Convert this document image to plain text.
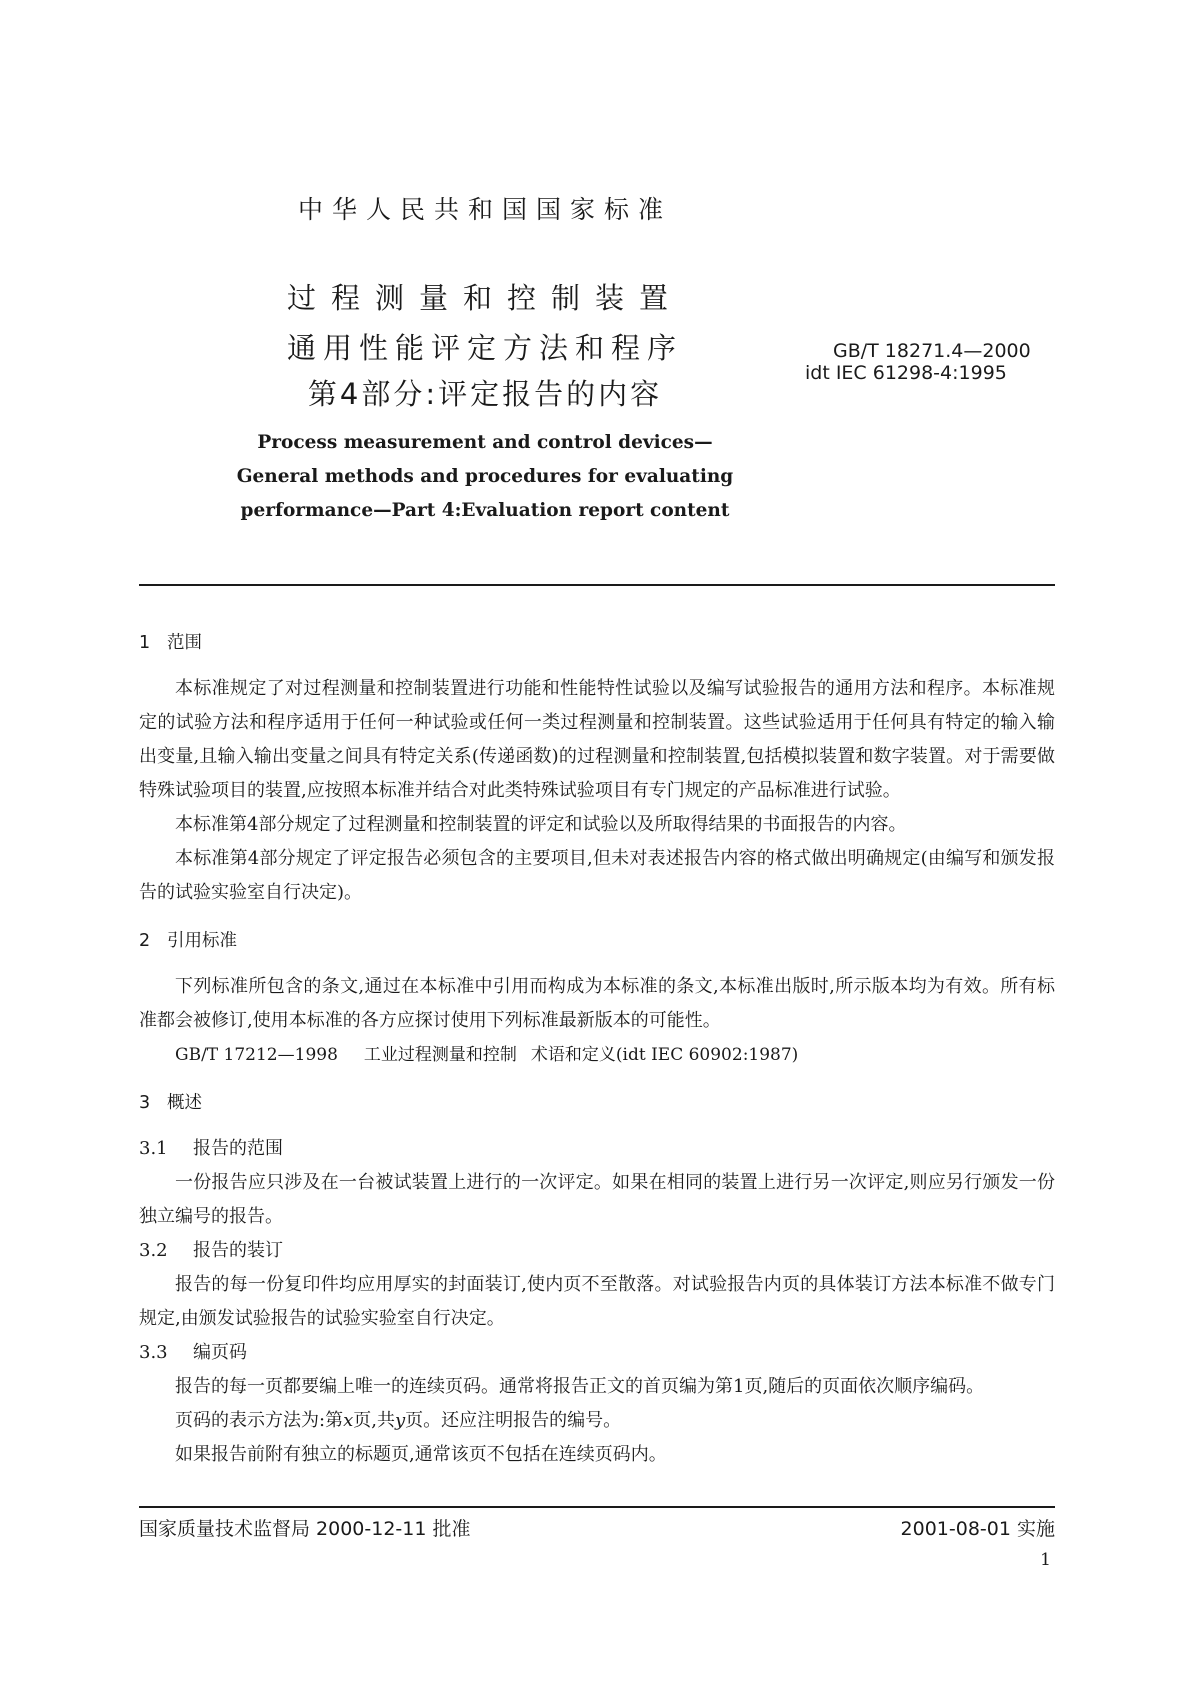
中华人民共和国国家标准
过程测量和控制装置
通用性能评定方法和程序
第4部分:评定报告的内容
GB/T 18271.4—2000
idt IEC 61298-4:1995
Process measurement and control devices—
General methods and procedures for evaluating
performance—Part 4:Evaluation report content
1 范围

本标准规定了对过程测量和控制装置进行功能和性能特性试验以及编写试验报告的通用方法和程序。本标准规定的试验方法和程序适用于任何一种试验或任何一类过程测量和控制装置。这些试验适用于任何具有特定的输入输出变量,且输入输出变量之间具有特定关系(传递函数)的过程测量和控制装置,包括模拟装置和数字装置。对于需要做特殊试验项目的装置,应按照本标准并结合对此类特殊试验项目有专门规定的产品标准进行试验。

本标准第4部分规定了过程测量和控制装置的评定和试验以及所取得结果的书面报告的内容。

本标准第4部分规定了评定报告必须包含的主要项目,但未对表述报告内容的格式做出明确规定(由编写和颁发报告的试验实验室自行决定)。

2 引用标准

下列标准所包含的条文,通过在本标准中引用而构成为本标准的条文,本标准出版时,所示版本均为有效。所有标准都会被修订,使用本标准的各方应探讨使用下列标准最新版本的可能性。

GB/T 17212—1998 工业过程测量和控制 术语和定义(idt IEC 60902:1987)

3 概述
3.1 报告的范围

一份报告应只涉及在一台被试装置上进行的一次评定。如果在相同的装置上进行另一次评定,则应另行颁发一份独立编号的报告。

3.2 报告的装订

报告的每一份复印件均应用厚实的封面装订,使内页不至散落。对试验报告内页的具体装订方法本标准不做专门规定,由颁发试验报告的试验实验室自行决定。

3.3 编页码

报告的每一页都要编上唯一的连续页码。通常将报告正文的首页编为第1页,随后的页面依次顺序编码。

页码的表示方法为:第x页,共y页。还应注明报告的编号。

如果报告前附有独立的标题页,通常该页不包括在连续页码内。

国家质量技术监督局 2000-12-11 批准	2001-08-01 实施
1
